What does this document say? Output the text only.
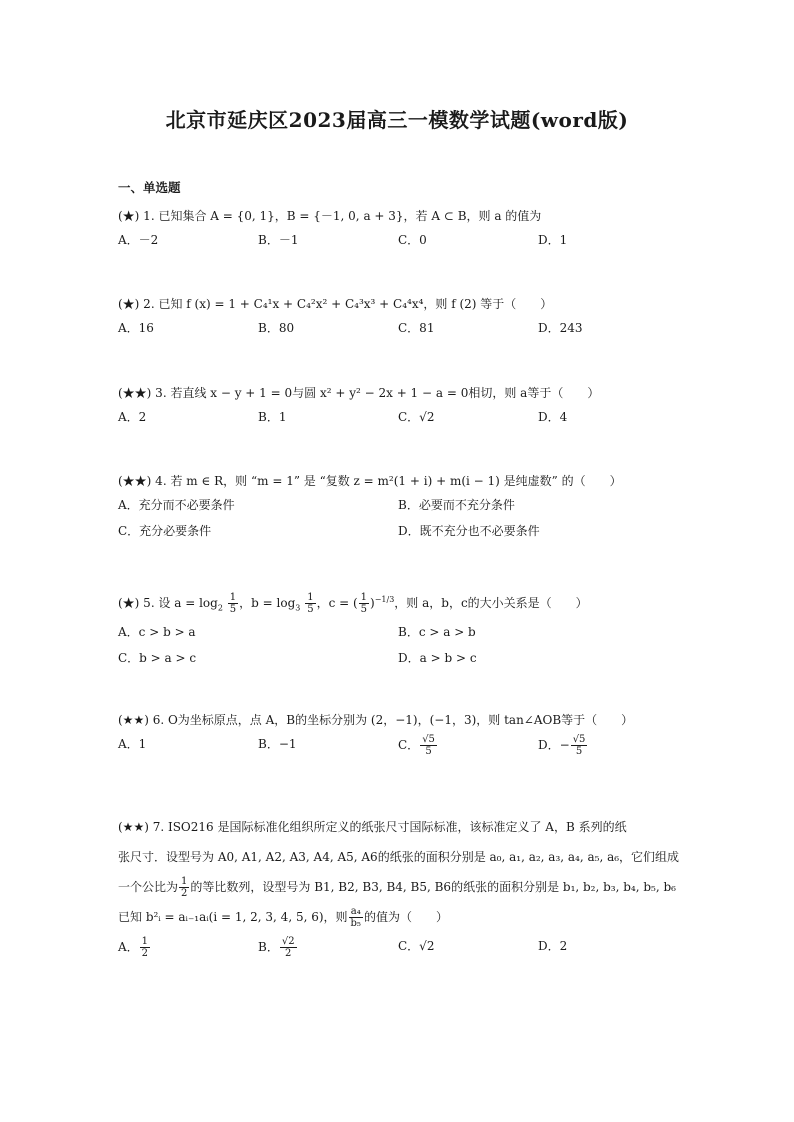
北京市延庆区2023届高三一模数学试题(word版)
一、单选题
(★) 1. 已知集合 A = {0, 1}，B = {－1, 0, a + 3}，若 A ⊂ B，则 a 的值为
A．－2	B．－1	C．0	D．1
(★) 2. 已知 f (x) = 1 + C₄¹x + C₄²x² + C₄³x³ + C₄⁴x⁴，则 f (2) 等于（　　）
A．16	B．80	C．81	D．243
(★★) 3. 若直线 x − y + 1 = 0与圆 x² + y² − 2x + 1 − a = 0相切，则 a等于（　　）
A．2	B．1	C．√2	D．4
(★★) 4. 若 m ∈ R，则 “m = 1” 是 “复数 z = m²(1 + i) + m(i − 1) 是纯虚数” 的（　　）
A．充分而不必要条件	B．必要而不充分条件
C．充分必要条件	D．既不充分也不必要条件
(★) 5. 设 $a = \log_2 \frac{1}{5}$ ，$b = \log_3 \frac{1}{5}$ ，c = ( $\frac{1}{5} )^{-1/3}$，则 a，b，c的大小关系是（　　）
A．c > b > a	B．c > a > b
C．b > a > c	D．a > b > c
(★★) 6. O为坐标原点，点 A，B的坐标分别为 (2，−1)，(−1，3)，则 tan∠AOB等于（　　）
A．1	B．−1	C． $\frac{√5}{5}$	D．− $\frac{√5}{5}$
(★★) 7. ISO216 是国际标准化组织所定义的纸张尺寸国际标准，该标准定义了 A，B 系列的纸
张尺寸．设型号为 A0, A1, A2, A3, A4, A5, A6的纸张的面积分别是 a₀, a₁, a₂, a₃, a₄, a₅, a₆，它们组成
一个公比为 $\frac{1}{2}$ 的等比数列，设型号为 B1, B2, B3, B4, B5, B6的纸张的面积分别是 b₁, b₂, b₃, b₄, b₅, b₆
已知 b²ᵢ = aᵢ₋₁aᵢ(i = 1, 2, 3, 4, 5, 6)，则 $\frac{\text{a₄}}{\text{b₅}}$ 的值为（　　）
A． $\frac{1}{2}$	B． $\frac{√2}{2}$	C．√2	D．2
